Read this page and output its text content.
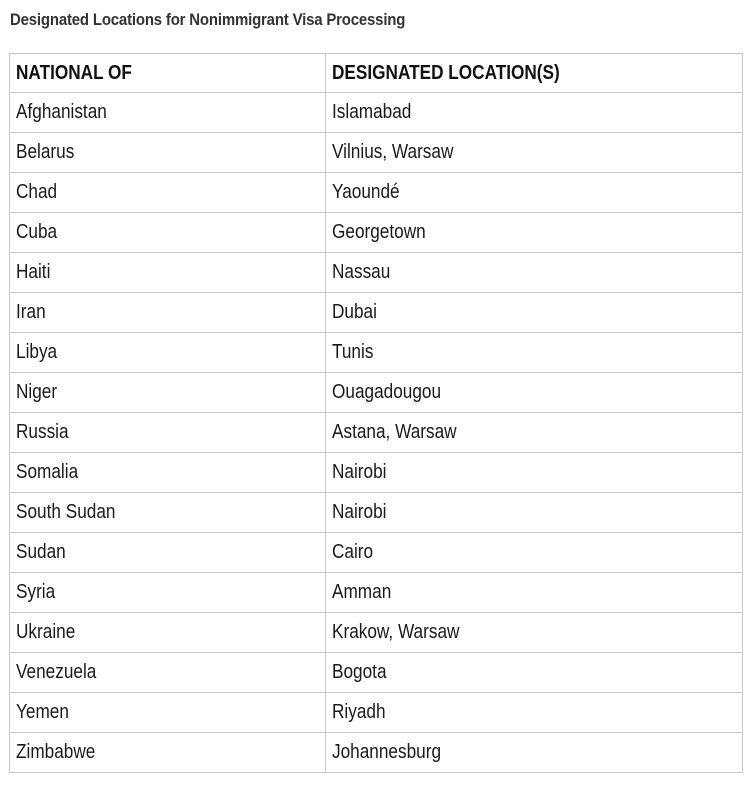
Designated Locations for Nonimmigrant Visa Processing
NATIONAL OF	DESIGNATED LOCATION(S)
Afghanistan	Islamabad
Belarus	Vilnius, Warsaw
Chad	Yaoundé
Cuba	Georgetown
Haiti	Nassau
Iran	Dubai
Libya	Tunis
Niger	Ouagadougou
Russia	Astana, Warsaw
Somalia	Nairobi
South Sudan	Nairobi
Sudan	Cairo
Syria	Amman
Ukraine	Krakow, Warsaw
Venezuela	Bogota
Yemen	Riyadh
Zimbabwe	Johannesburg
